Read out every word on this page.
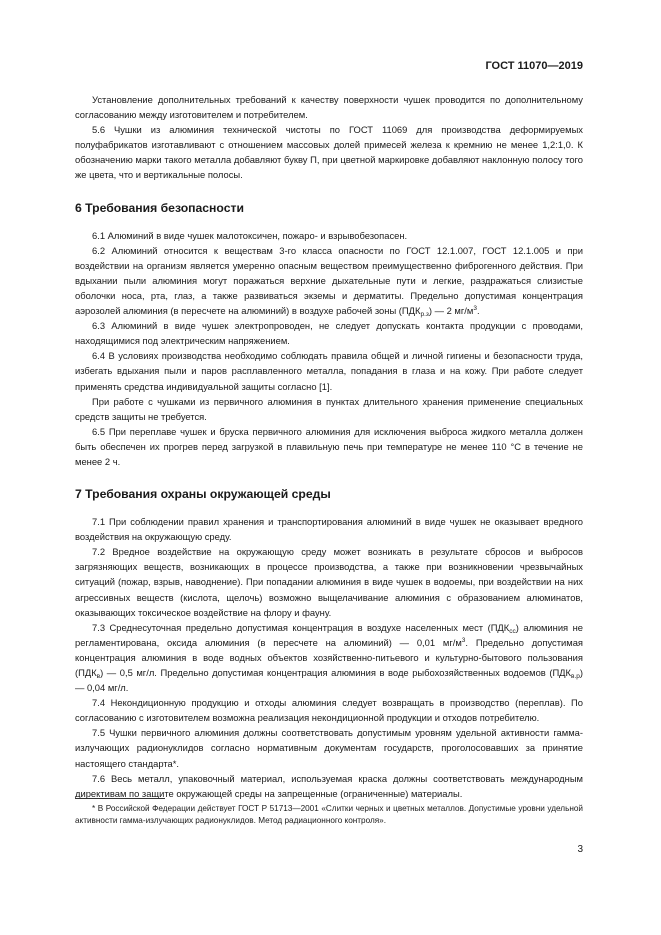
ГОСТ 11070—2019

Установление дополнительных требований к качеству поверхности чушек проводится по дополнительному согласованию между изготовителем и потребителем.

5.6 Чушки из алюминия технической чистоты по ГОСТ 11069 для производства деформируемых полуфабрикатов изготавливают с отношением массовых долей примесей железа к кремнию не менее 1,2:1,0. К обозначению марки такого металла добавляют букву П, при цветной маркировке добавляют наклонную полосу того же цвета, что и вертикальные полосы.

6 Требования безопасности

6.1 Алюминий в виде чушек малотоксичен, пожаро- и взрывобезопасен.

6.2 Алюминий относится к веществам 3-го класса опасности по ГОСТ 12.1.007, ГОСТ 12.1.005 и при воздействии на организм является умеренно опасным веществом преимущественно фиброгенного действия. При вдыхании пыли алюминия могут поражаться верхние дыхательные пути и легкие, раздражаться слизистые оболочки носа, рта, глаз, а также развиваться экземы и дерматиты. Предельно допустимая концентрация аэрозолей алюминия (в пересчете на алюминий) в воздухе рабочей зоны $(ПДК_{р.з})$ — 2 $мг/м^3$.

6.3 Алюминий в виде чушек электропроводен, не следует допускать контакта продукции с проводами, находящимися под электрическим напряжением.

6.4 В условиях производства необходимо соблюдать правила общей и личной гигиены и безопасности труда, избегать вдыхания пыли и паров расплавленного металла, попадания в глаза и на кожу. При работе следует применять средства индивидуальной защиты согласно [1].

При работе с чушками из первичного алюминия в пунктах длительного хранения применение специальных средств защиты не требуется.

6.5 При переплаве чушек и бруска первичного алюминия для исключения выброса жидкого металла должен быть обеспечен их прогрев перед загрузкой в плавильную печь при температуре не менее 110 °С в течение не менее 2 ч.

7 Требования охраны окружающей среды

7.1 При соблюдении правил хранения и транспортирования алюминий в виде чушек не оказывает вредного воздействия на окружающую среду.

7.2 Вредное воздействие на окружающую среду может возникать в результате сбросов и выбросов загрязняющих веществ, возникающих в процессе производства, а также при возникновении чрезвычайных ситуаций (пожар, взрыв, наводнение). При попадании алюминия в виде чушек в водоемы, при воздействии на них агрессивных веществ (кислота, щелочь) возможно выщелачивание алюминия с образованием алюминатов, оказывающих токсическое воздействие на флору и фауну.

7.3 Среднесуточная предельно допустимая концентрация в воздухе населенных мест $(ПДК_{сс})$ алюминия не регламентирована, оксида алюминия (в пересчете на алюминий) — 0,01 $мг/м^3$. Предельно допустимая концентрация алюминия в воде водных объектов хозяйственно-питьевого и культурно-бытового пользования $(ПДК_в)$ — 0,5 мг/л. Предельно допустимая концентрация алюминия в воде рыбохозяйственных водоемов $(ПДК_{в.р})$ — 0,04 мг/л.

7.4 Некондиционную продукцию и отходы алюминия следует возвращать в производство (переплав). По согласованию с изготовителем возможна реализация некондиционной продукции и отходов потребителю.

7.5 Чушки первичного алюминия должны соответствовать допустимым уровням удельной активности гамма-излучающих радионуклидов согласно нормативным документам государств, проголосовавших за принятие настоящего стандарта*.

7.6 Весь металл, упаковочный материал, используемая краска должны соответствовать международным директивам по защите окружающей среды на запрещенные (ограниченные) материалы.

* В Российской Федерации действует ГОСТ Р 51713—2001 «Слитки черных и цветных металлов. Допустимые уровни удельной активности гамма-излучающих радионуклидов. Метод радиационного контроля».
3
